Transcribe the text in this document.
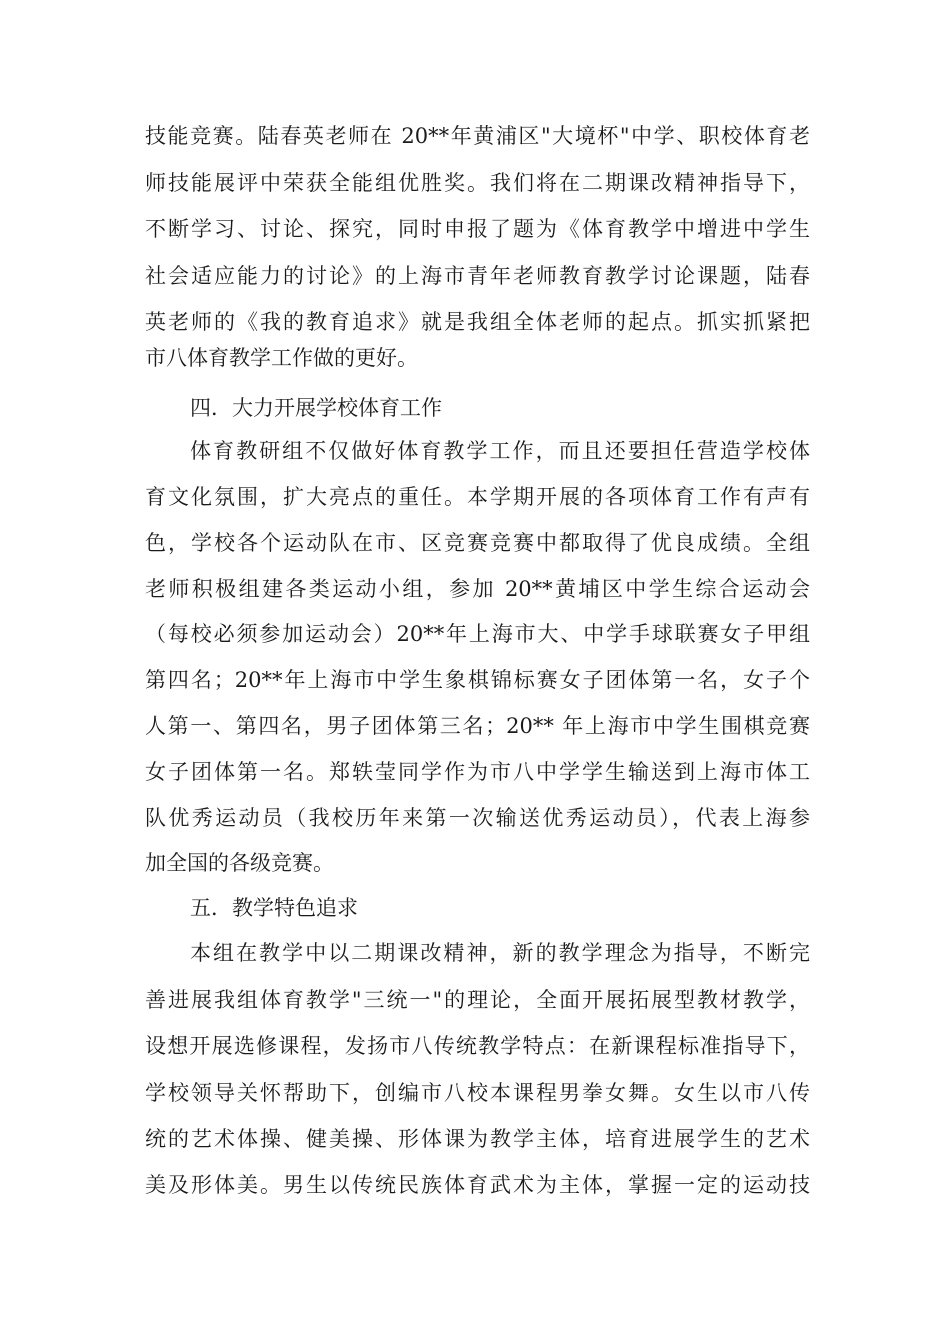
技能竞赛。陆春英老师在 20**年黄浦区"大境杯"中学、职校体育老
师技能展评中荣获全能组优胜奖。我们将在二期课改精神指导下，
不断学习、讨论、探究，同时申报了题为《体育教学中增进中学生
社会适应能力的讨论》的上海市青年老师教育教学讨论课题，陆春
英老师的《我的教育追求》就是我组全体老师的起点。抓实抓紧把
市八体育教学工作做的更好。
四．大力开展学校体育工作
体育教研组不仅做好体育教学工作，而且还要担任营造学校体
育文化氛围，扩大亮点的重任。本学期开展的各项体育工作有声有
色，学校各个运动队在市、区竞赛竞赛中都取得了优良成绩。全组
老师积极组建各类运动小组，参加 20**黄埔区中学生综合运动会
（每校必须参加运动会）20**年上海市大、中学手球联赛女子甲组
第四名；20**年上海市中学生象棋锦标赛女子团体第一名，女子个
人第一、第四名，男子团体第三名；20** 年上海市中学生围棋竞赛
女子团体第一名。郑轶莹同学作为市八中学学生输送到上海市体工
队优秀运动员（我校历年来第一次输送优秀运动员），代表上海参
加全国的各级竞赛。
五．教学特色追求
本组在教学中以二期课改精神，新的教学理念为指导，不断完
善进展我组体育教学"三统一"的理论，全面开展拓展型教材教学，
设想开展选修课程，发扬市八传统教学特点：在新课程标准指导下，
学校领导关怀帮助下，创编市八校本课程男拳女舞。女生以市八传
统的艺术体操、健美操、形体课为教学主体，培育进展学生的艺术
美及形体美。男生以传统民族体育武术为主体，掌握一定的运动技
